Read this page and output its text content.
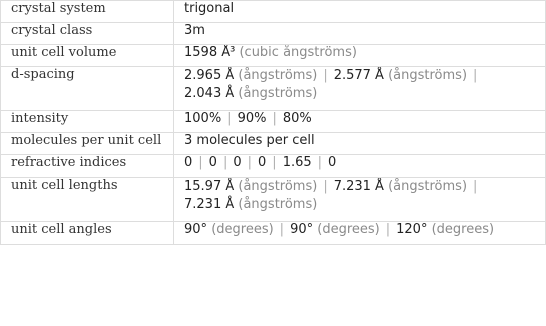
crystal system	trigonal
crystal class	3m
unit cell volume	1598 Å³ (cubic ångströms)
d-spacing	2.965 Å (ångströms) | 2.577 Å (ångströms) |
2.043 Å (ångströms)

intensity	100% | 90% | 80%
molecules per unit cell	3 molecules per cell
refractive indices	0 | 0 | 0 | 0 | 1.65 | 0
unit cell lengths	15.97 Å (ångströms) | 7.231 Å (ångströms) |
7.231 Å (ångströms)

unit cell angles	90° (degrees) | 90° (degrees) | 120° (degrees)
